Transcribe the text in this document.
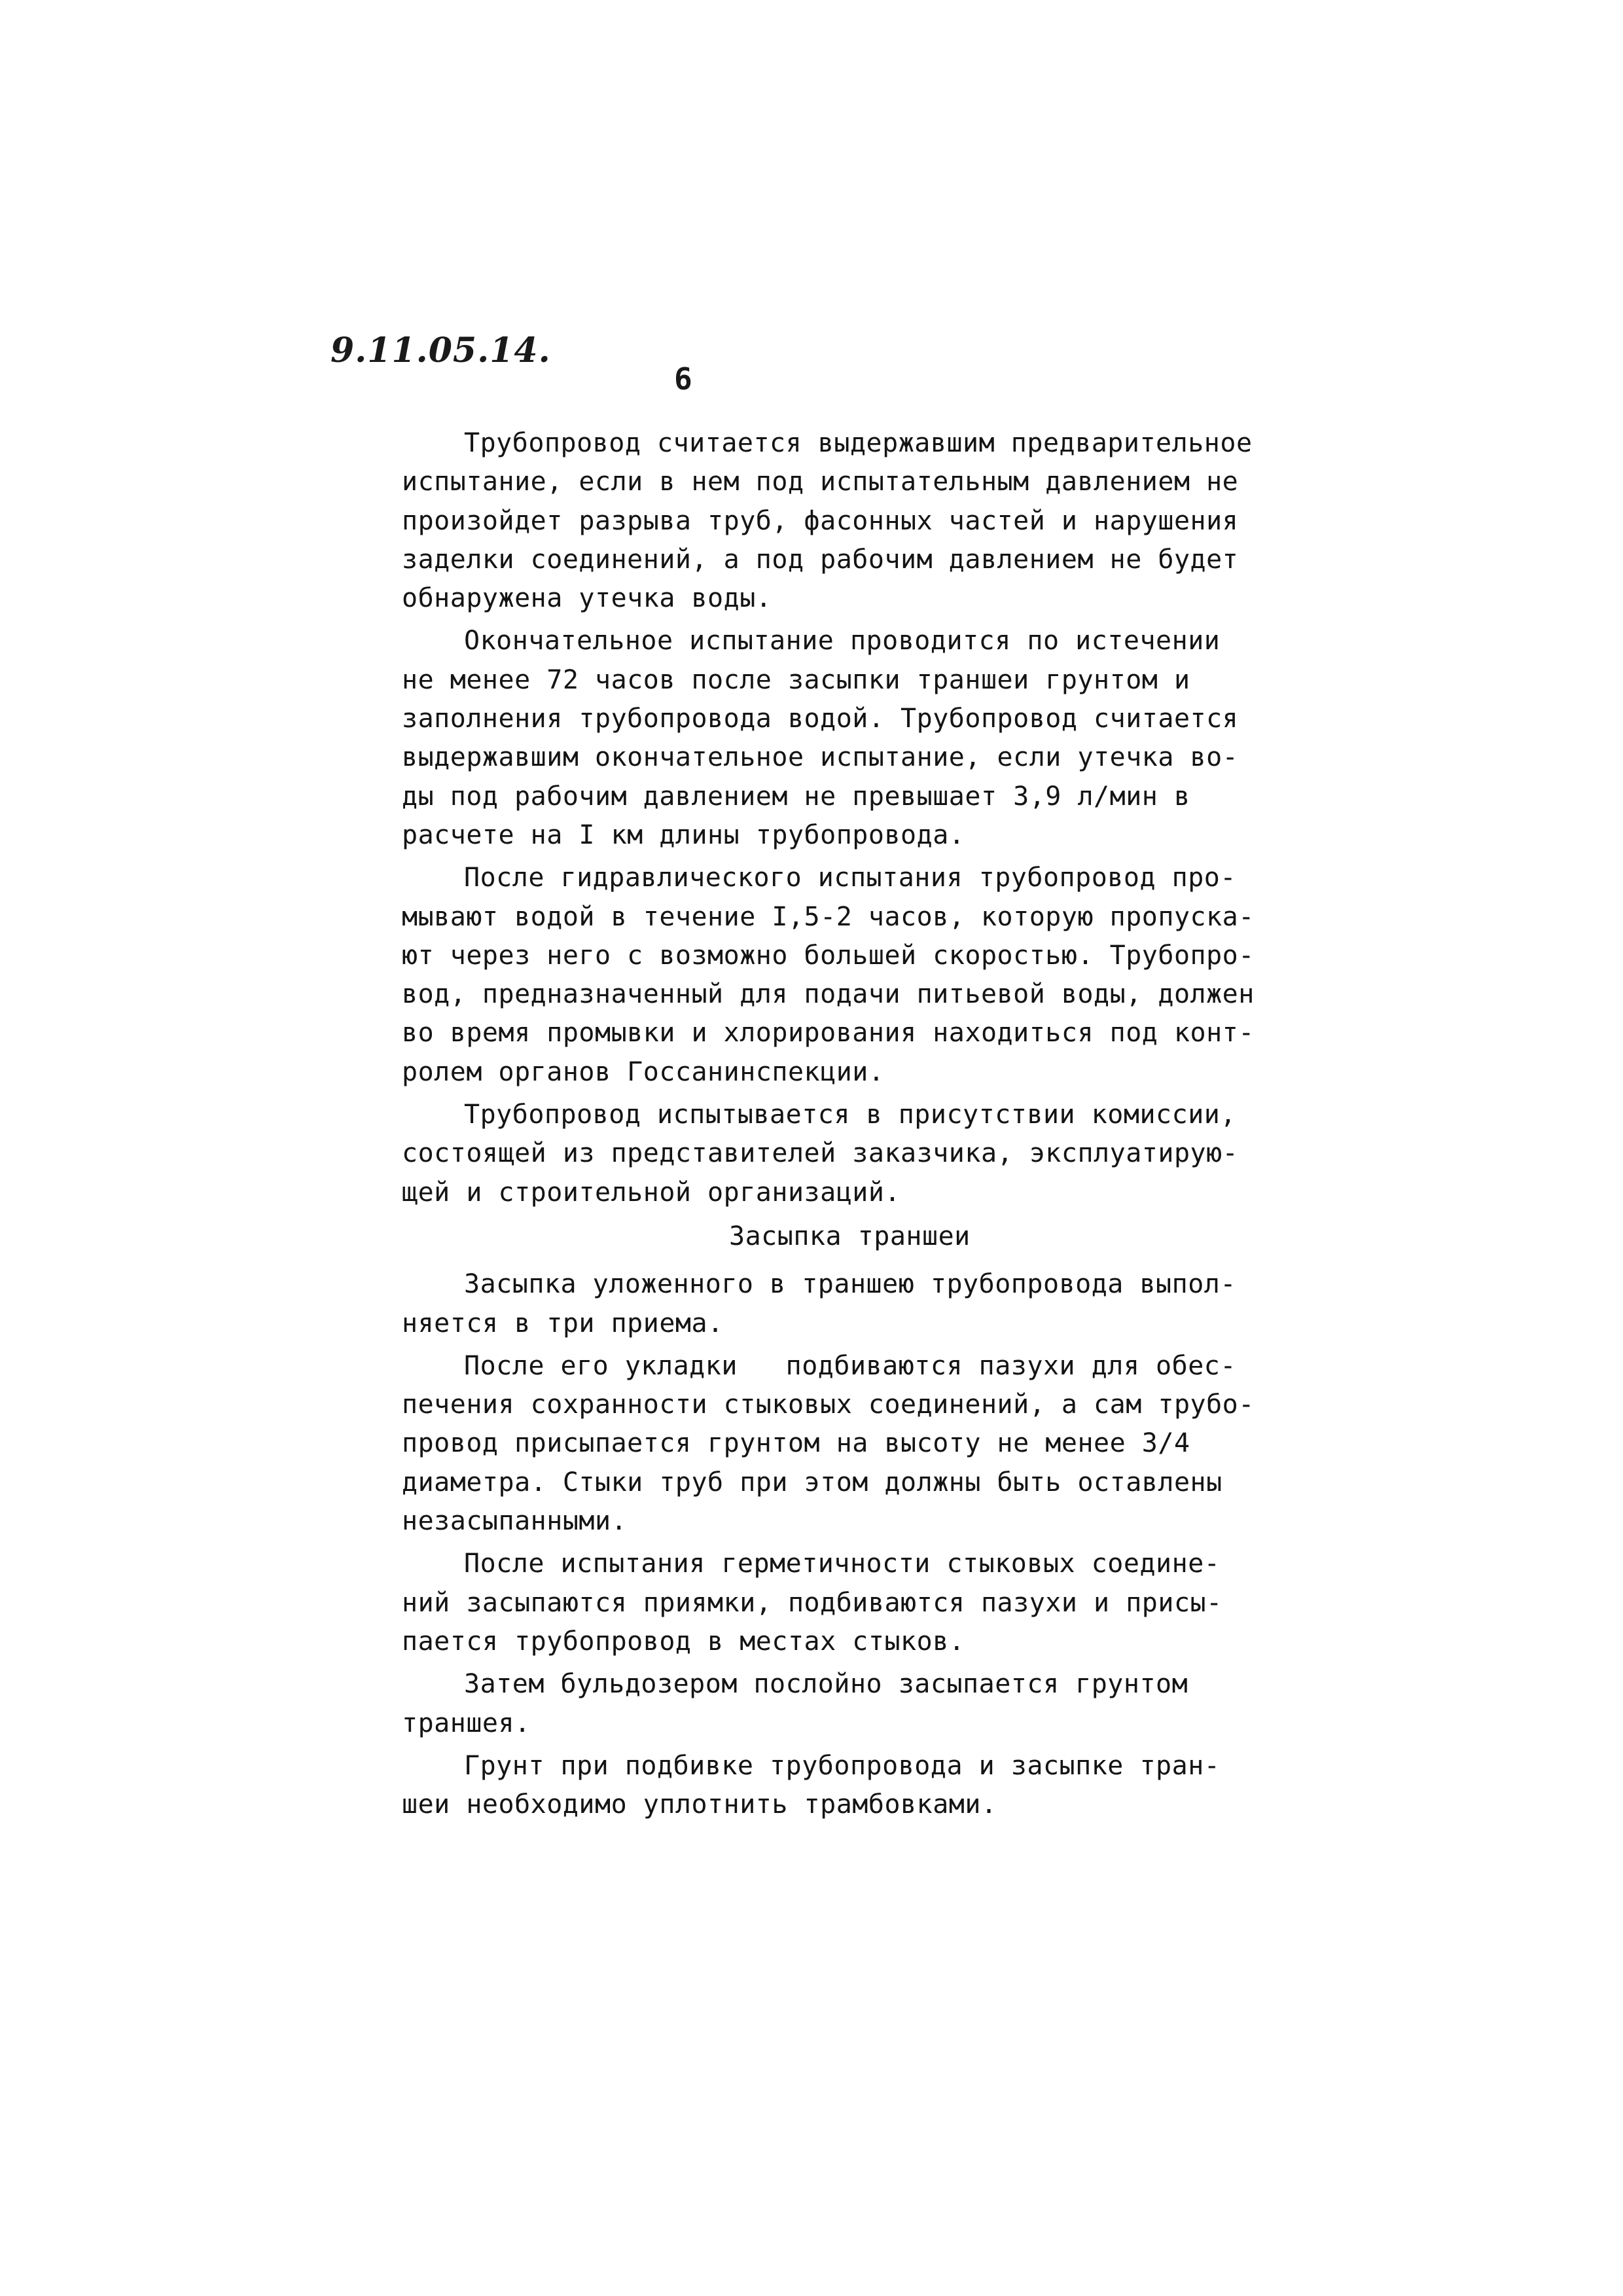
9.11.05.14.
6
Трубопровод считается выдержавшим предварительное
испытание, если в нем под испытательным давлением не
произойдет разрыва труб, фасонных частей и нарушения
заделки соединений, а под рабочим давлением не будет
обнаружена утечка воды.
Окончательное испытание проводится по истечении
не менее 72 часов после засыпки траншеи грунтом и
заполнения трубопровода водой. Трубопровод считается
выдержавшим окончательное испытание, если утечка во-
ды под рабочим давлением не превышает 3,9 л/мин в
расчете на I км длины трубопровода.
После гидравлического испытания трубопровод про-
мывают водой в течение I,5-2 часов, которую пропуска-
ют через него с возможно большей скоростью. Трубопро-
вод, предназначенный для подачи питьевой воды, должен
во время промывки и хлорирования находиться под конт-
ролем органов Госсанинспекции.
Трубопровод испытывается в присутствии комиссии,
состоящей из представителей заказчика, эксплуатирую-
щей и строительной организаций.
Засыпка траншеи
Засыпка уложенного в траншею трубопровода выпол-
няется в три приема.
После его укладки   подбиваются пазухи для обес-
печения сохранности стыковых соединений, а сам трубо-
провод присыпается грунтом на высоту не менее 3/4
диаметра. Стыки труб при этом должны быть оставлены
незасыпанными.
После испытания герметичности стыковых соедине-
ний засыпаются приямки, подбиваются пазухи и присы-
пается трубопровод в местах стыков.
Затем бульдозером послойно засыпается грунтом
траншея.
Грунт при подбивке трубопровода и засыпке тран-
шеи необходимо уплотнить трамбовками.
